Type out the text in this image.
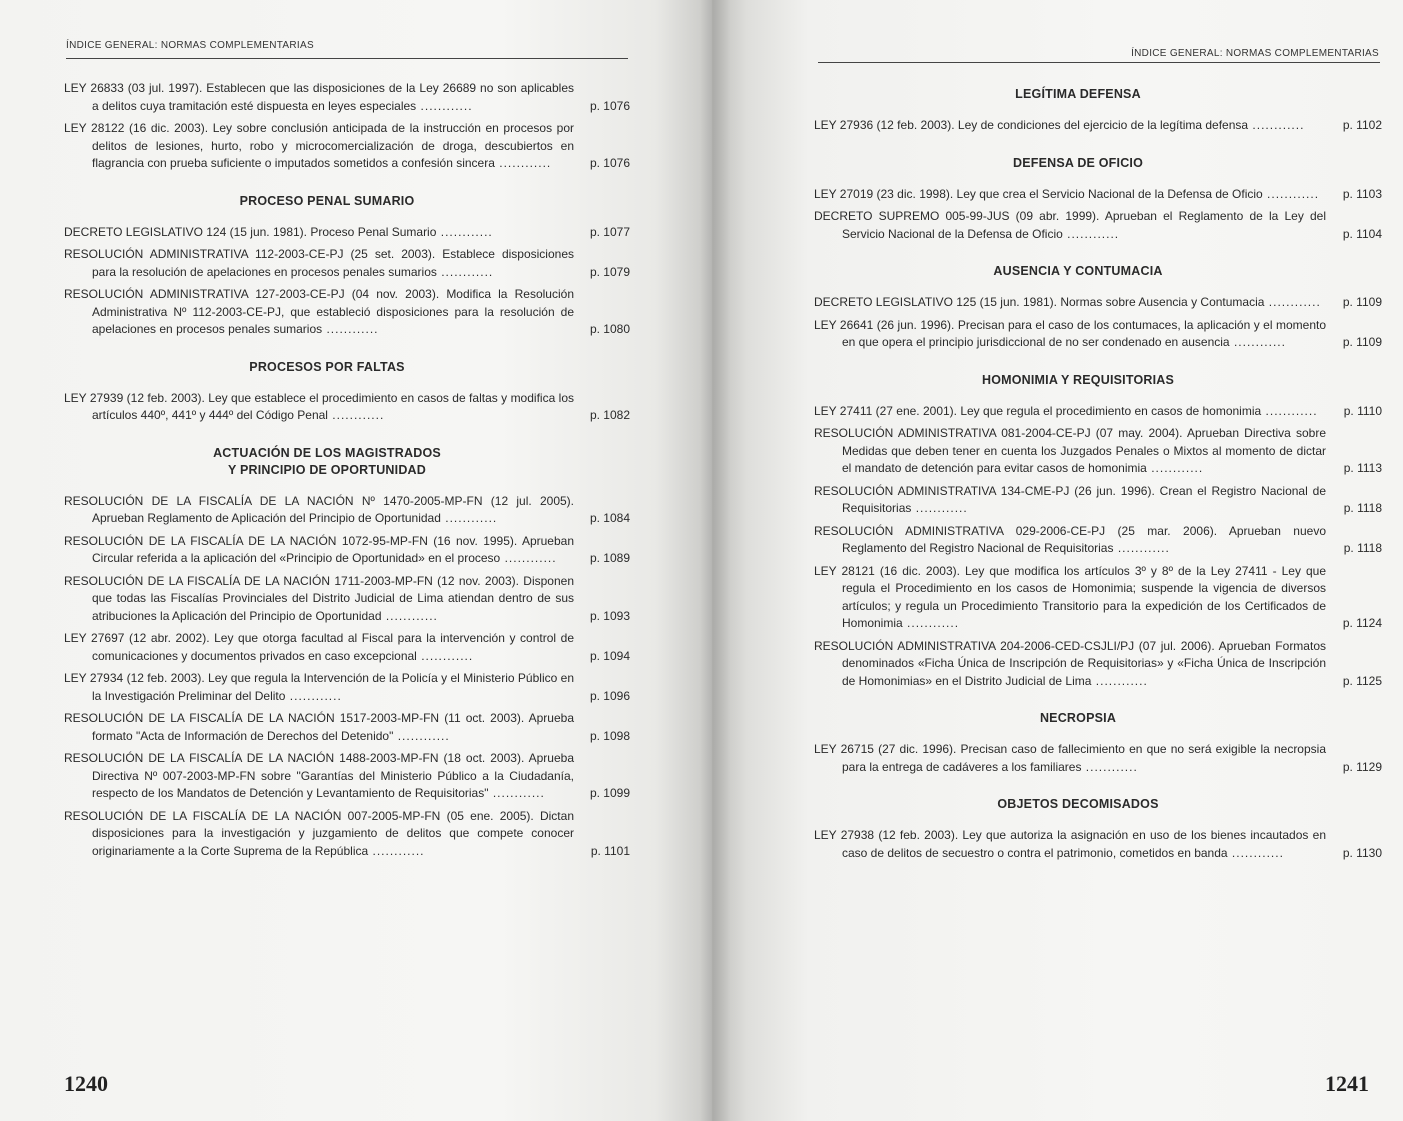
ÍNDICE GENERAL: NORMAS COMPLEMENTARIAS
LEY 26833 (03 jul. 1997). Establecen que las disposiciones de la Ley 26689 no son aplicables a delitos cuya tramitación esté dispuesta en leyes especiales ............	p. 1076
LEY 28122 (16 dic. 2003). Ley sobre conclusión anticipada de la instrucción en procesos por delitos de lesiones, hurto, robo y microcomercialización de droga, descubiertos en flagrancia con prueba suficiente o imputados sometidos a confesión sincera ............	p. 1076
PROCESO PENAL SUMARIO
DECRETO LEGISLATIVO 124 (15 jun. 1981). Proceso Penal Sumario ............	p. 1077
RESOLUCIÓN ADMINISTRATIVA 112-2003-CE-PJ (25 set. 2003). Establece disposiciones para la resolución de apelaciones en procesos penales sumarios ............	p. 1079
RESOLUCIÓN ADMINISTRATIVA 127-2003-CE-PJ (04 nov. 2003). Modifica la Resolución Administrativa Nº 112-2003-CE-PJ, que estableció disposiciones para la resolución de apelaciones en procesos penales sumarios ............	p. 1080
PROCESOS POR FALTAS
LEY 27939 (12 feb. 2003). Ley que establece el procedimiento en casos de faltas y modifica los artículos 440º, 441º y 444º del Código Penal ............	p. 1082
ACTUACIÓN DE LOS MAGISTRADOS
Y PRINCIPIO DE OPORTUNIDAD
RESOLUCIÓN DE LA FISCALÍA DE LA NACIÓN Nº 1470-2005-MP-FN (12 jul. 2005). Aprueban Reglamento de Aplicación del Principio de Oportunidad ............	p. 1084
RESOLUCIÓN DE LA FISCALÍA DE LA NACIÓN 1072-95-MP-FN (16 nov. 1995). Aprueban Circular referida a la aplicación del «Principio de Oportunidad» en el proceso ............	p. 1089
RESOLUCIÓN DE LA FISCALÍA DE LA NACIÓN 1711-2003-MP-FN (12 nov. 2003). Disponen que todas las Fiscalías Provinciales del Distrito Judicial de Lima atiendan dentro de sus atribuciones la Aplicación del Principio de Oportunidad ............	p. 1093
LEY 27697 (12 abr. 2002). Ley que otorga facultad al Fiscal para la intervención y control de comunicaciones y documentos privados en caso excepcional ............	p. 1094
LEY 27934 (12 feb. 2003). Ley que regula la Intervención de la Policía y el Ministerio Público en la Investigación Preliminar del Delito ............	p. 1096
RESOLUCIÓN DE LA FISCALÍA DE LA NACIÓN 1517-2003-MP-FN (11 oct. 2003). Aprueba formato "Acta de Información de Derechos del Detenido" ............	p. 1098
RESOLUCIÓN DE LA FISCALÍA DE LA NACIÓN 1488-2003-MP-FN (18 oct. 2003). Aprueba Directiva Nº 007-2003-MP-FN sobre "Garantías del Ministerio Público a la Ciudadanía, respecto de los Mandatos de Detención y Levantamiento de Requisitorias" ............	p. 1099
RESOLUCIÓN DE LA FISCALÍA DE LA NACIÓN 007-2005-MP-FN (05 ene. 2005). Dictan disposiciones para la investigación y juzgamiento de delitos que compete conocer originariamente a la Corte Suprema de la República ............	p. 1101
1240
ÍNDICE GENERAL: NORMAS COMPLEMENTARIAS
LEGÍTIMA DEFENSA
LEY 27936 (12 feb. 2003). Ley de condiciones del ejercicio de la legítima defensa ............	p. 1102
DEFENSA DE OFICIO
LEY 27019 (23 dic. 1998). Ley que crea el Servicio Nacional de la Defensa de Oficio ............	p. 1103
DECRETO SUPREMO 005-99-JUS (09 abr. 1999). Aprueban el Reglamento de la Ley del Servicio Nacional de la Defensa de Oficio ............	p. 1104
AUSENCIA Y CONTUMACIA
DECRETO LEGISLATIVO 125 (15 jun. 1981). Normas sobre Ausencia y Contumacia ............	p. 1109
LEY 26641 (26 jun. 1996). Precisan para el caso de los contumaces, la aplicación y el momento en que opera el principio jurisdiccional de no ser condenado en ausencia ............	p. 1109
HOMONIMIA Y REQUISITORIAS
LEY 27411 (27 ene. 2001). Ley que regula el procedimiento en casos de homonimia ............	p. 1110
RESOLUCIÓN ADMINISTRATIVA 081-2004-CE-PJ (07 may. 2004). Aprueban Directiva sobre Medidas que deben tener en cuenta los Juzgados Penales o Mixtos al momento de dictar el mandato de detención para evitar casos de homonimia ............	p. 1113
RESOLUCIÓN ADMINISTRATIVA 134-CME-PJ (26 jun. 1996). Crean el Registro Nacional de Requisitorias ............	p. 1118
RESOLUCIÓN ADMINISTRATIVA 029-2006-CE-PJ (25 mar. 2006). Aprueban nuevo Reglamento del Registro Nacional de Requisitorias ............	p. 1118
LEY 28121 (16 dic. 2003). Ley que modifica los artículos 3º y 8º de la Ley 27411 - Ley que regula el Procedimiento en los casos de Homonimia; suspende la vigencia de diversos artículos; y regula un Procedimiento Transitorio para la expedición de los Certificados de Homonimia ............	p. 1124
RESOLUCIÓN ADMINISTRATIVA 204-2006-CED-CSJLI/PJ (07 jul. 2006). Aprueban Formatos denominados «Ficha Única de Inscripción de Requisitorias» y «Ficha Única de Inscripción de Homonimias» en el Distrito Judicial de Lima ............	p. 1125
NECROPSIA
LEY 26715 (27 dic. 1996). Precisan caso de fallecimiento en que no será exigible la necropsia para la entrega de cadáveres a los familiares ............	p. 1129
OBJETOS DECOMISADOS
LEY 27938 (12 feb. 2003). Ley que autoriza la asignación en uso de los bienes incautados en caso de delitos de secuestro o contra el patrimonio, cometidos en banda ............	p. 1130
1241
